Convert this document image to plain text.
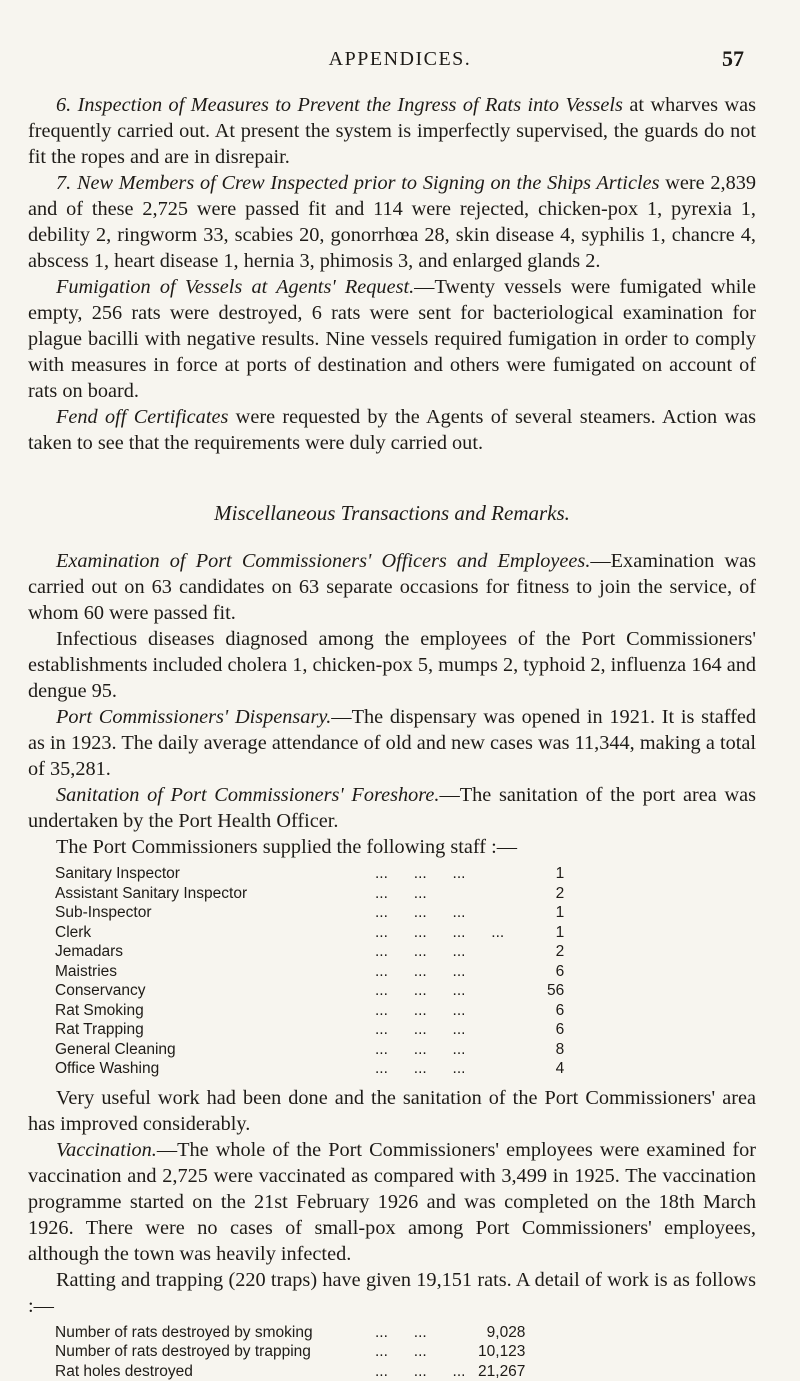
APPENDICES.	57

6. Inspection of Measures to Prevent the Ingress of Rats into Vessels at wharves was frequently carried out. At present the system is imperfectly supervised, the guards do not fit the ropes and are in disrepair.

7. New Members of Crew Inspected prior to Signing on the Ships Articles were 2,839 and of these 2,725 were passed fit and 114 were rejected, chicken-pox 1, pyrexia 1, debility 2, ringworm 33, scabies 20, gonorrhœa 28, skin disease 4, syphilis 1, chancre 4, abscess 1, heart disease 1, hernia 3, phimosis 3, and enlarged glands 2.

Fumigation of Vessels at Agents' Request.—Twenty vessels were fumigated while empty, 256 rats were destroyed, 6 rats were sent for bacteriological examination for plague bacilli with negative results. Nine vessels required fumigation in order to comply with measures in force at ports of destination and others were fumigated on account of rats on board.

Fend off Certificates were requested by the Agents of several steamers. Action was taken to see that the requirements were duly carried out.

Miscellaneous Transactions and Remarks.

Examination of Port Commissioners' Officers and Employees.—Examination was carried out on 63 candidates on 63 separate occasions for fitness to join the service, of whom 60 were passed fit.

Infectious diseases diagnosed among the employees of the Port Commissioners' establishments included cholera 1, chicken-pox 5, mumps 2, typhoid 2, influenza 164 and dengue 95.

Port Commissioners' Dispensary.—The dispensary was opened in 1921. It is staffed as in 1923. The daily average attendance of old and new cases was 11,344, making a total of 35,281.

Sanitation of Port Commissioners' Foreshore.—The sanitation of the port area was undertaken by the Port Health Officer.

The Port Commissioners supplied the following staff :—

Sanitary Inspector	...      ...      ...	1
Assistant Sanitary Inspector	...      ...	2
Sub-Inspector	...      ...      ...	1
Clerk	...      ...      ...      ...	1
Jemadars	...      ...      ...	2
Maistries	...      ...      ...	6
Conservancy	...      ...      ...	56
Rat Smoking	...      ...      ...	6
Rat Trapping	...      ...      ...	6
General Cleaning	...      ...      ...	8
Office Washing	...      ...      ...	4

Very useful work had been done and the sanitation of the Port Commissioners' area has improved considerably.

Vaccination.—The whole of the Port Commissioners' employees were examined for vaccination and 2,725 were vaccinated as compared with 3,499 in 1925. The vaccination programme started on the 21st February 1926 and was completed on the 18th March 1926. There were no cases of small-pox among Port Commissioners' employees, although the town was heavily infected.

Ratting and trapping (220 traps) have given 19,151 rats. A detail of work is as follows :—

Number of rats destroyed by smoking	...      ...	9,028
Number of rats destroyed by trapping	...      ...	10,123
Rat holes destroyed	...      ...      ...	21,267
